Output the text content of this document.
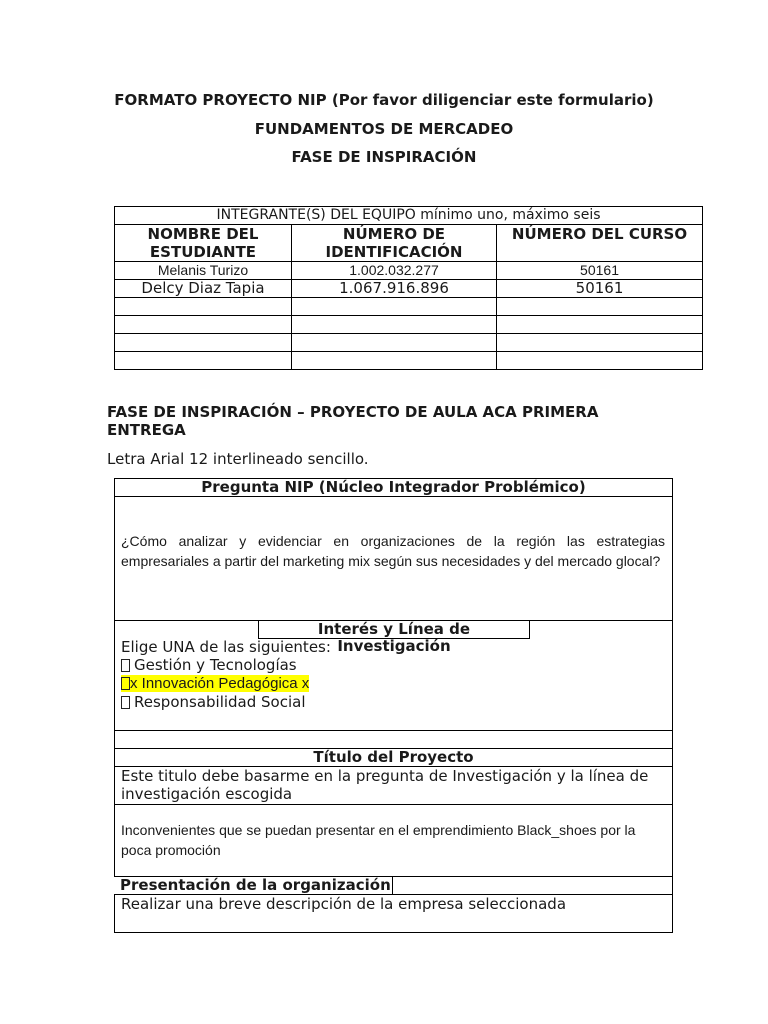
FORMATO PROYECTO NIP (Por favor diligenciar este formulario)
FUNDAMENTOS DE MERCADEO
FASE DE INSPIRACIÓN
INTEGRANTE(S) DEL EQUIPO mínimo uno, máximo seis		
NOMBRE DEL ESTUDIANTE	NÚMERO DE IDENTIFICACIÓN	NÚMERO DEL CURSO
Melanis Turizo	1.002.032.277	50161
Delcy Diaz Tapia	1.067.916.896	50161

FASE DE INSPIRACIÓN – PROYECTO DE AULA ACA PRIMERA ENTREGA
Letra Arial 12 interlineado sencillo.
Pregunta NIP (Núcleo Integrador Problémico)
¿Cómo analizar y evidenciar en organizaciones de la región las estrategias empresariales a partir del marketing mix según sus necesidades y del mercado glocal?
Interés y Línea de Investigación
Elige UNA de las siguientes:
Gestión y Tecnologías
x Innovación Pedagógica x
Responsabilidad Social
Título del Proyecto
Este titulo debe basarme en la pregunta de Investigación y la línea de investigación escogida
Inconvenientes que se puedan presentar en el emprendimiento Black_shoes por la poca promoción
Presentación de la organización
Realizar una breve descripción de la empresa seleccionada
